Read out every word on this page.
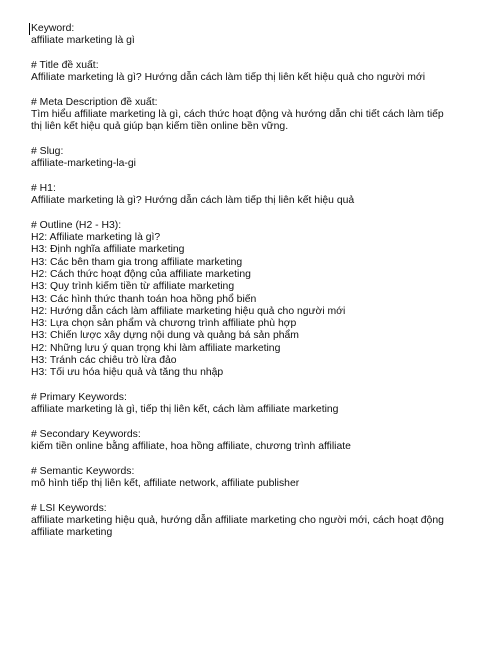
Keyword:
affiliate marketing là gì
# Title đề xuất:
Affiliate marketing là gì? Hướng dẫn cách làm tiếp thị liên kết hiệu quả cho người mới
# Meta Description đề xuất:
Tìm hiểu affiliate marketing là gì, cách thức hoạt động và hướng dẫn chi tiết cách làm tiếp
thị liên kết hiệu quả giúp bạn kiếm tiền online bền vững.
# Slug:
affiliate-marketing-la-gi
# H1:
Affiliate marketing là gì? Hướng dẫn cách làm tiếp thị liên kết hiệu quả
# Outline (H2 - H3):
H2: Affiliate marketing là gì?
H3: Định nghĩa affiliate marketing
H3: Các bên tham gia trong affiliate marketing
H2: Cách thức hoạt động của affiliate marketing
H3: Quy trình kiếm tiền từ affiliate marketing
H3: Các hình thức thanh toán hoa hồng phổ biến
H2: Hướng dẫn cách làm affiliate marketing hiệu quả cho người mới
H3: Lựa chọn sản phẩm và chương trình affiliate phù hợp
H3: Chiến lược xây dựng nội dung và quảng bá sản phẩm
H2: Những lưu ý quan trọng khi làm affiliate marketing
H3: Tránh các chiêu trò lừa đảo
H3: Tối ưu hóa hiệu quả và tăng thu nhập
# Primary Keywords:
affiliate marketing là gì, tiếp thị liên kết, cách làm affiliate marketing
# Secondary Keywords:
kiếm tiền online bằng affiliate, hoa hồng affiliate, chương trình affiliate
# Semantic Keywords:
mô hình tiếp thị liên kết, affiliate network, affiliate publisher
# LSI Keywords:
affiliate marketing hiệu quả, hướng dẫn affiliate marketing cho người mới, cách hoạt động
affiliate marketing
